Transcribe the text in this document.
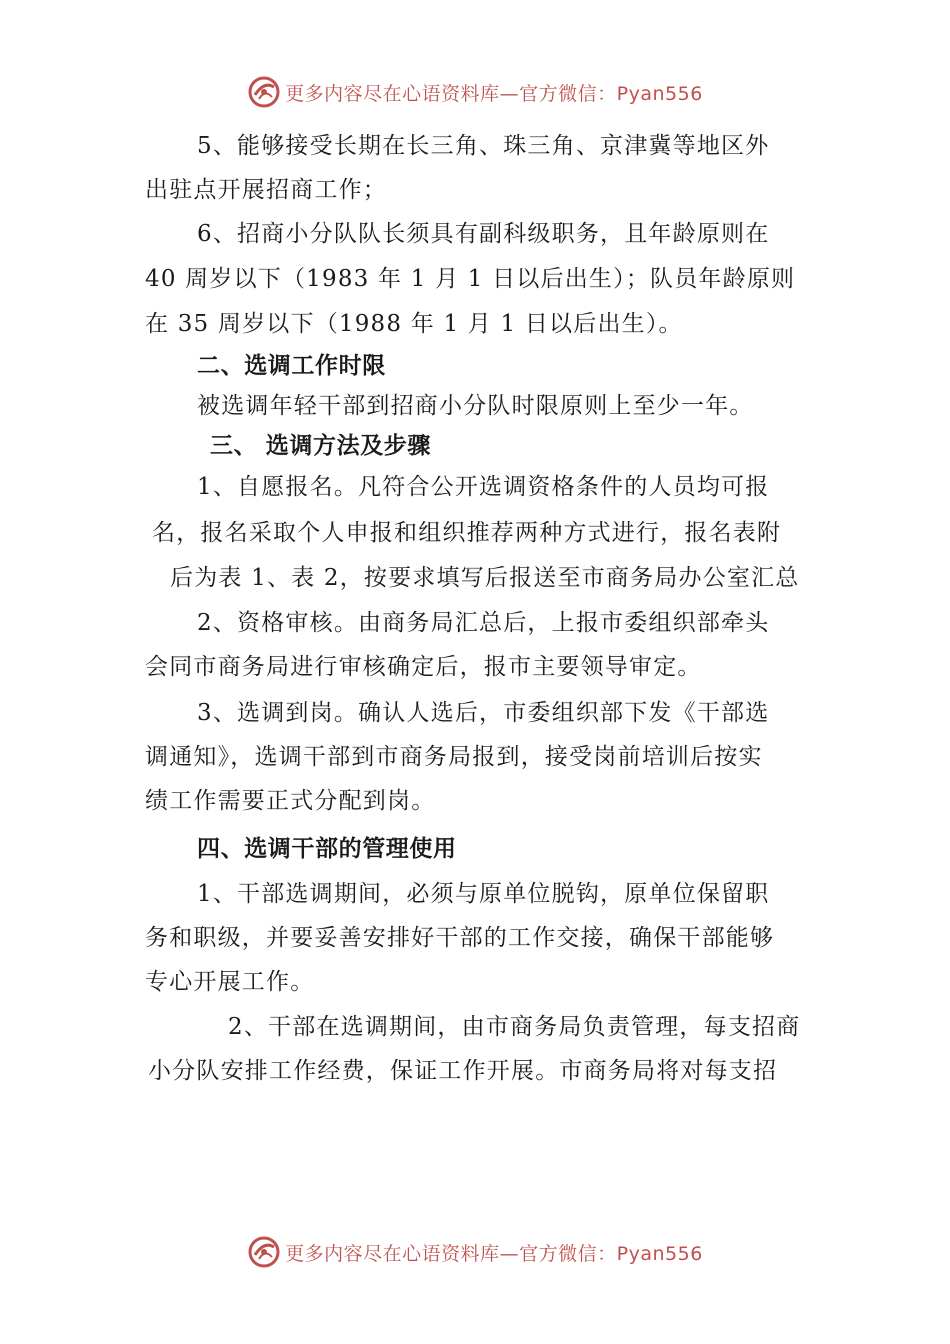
更多内容尽在心语资料库—官方微信：Pyan556
5、能够接受长期在长三角、珠三角、京津冀等地区外
出驻点开展招商工作；
6、招商小分队队长须具有副科级职务，且年龄原则在
40 周岁以下（1983 年 1 月 1 日以后出生）；队员年龄原则
在 35 周岁以下（1988 年 1 月 1 日以后出生）。
二、选调工作时限
被选调年轻干部到招商小分队时限原则上至少一年。
三、 选调方法及步骤
1、自愿报名。凡符合公开选调资格条件的人员均可报
名，报名采取个人申报和组织推荐两种方式进行，报名表附
后为表 1、表 2，按要求填写后报送至市商务局办公室汇总
2、资格审核。由商务局汇总后，上报市委组织部牵头
会同市商务局进行审核确定后，报市主要领导审定。
3、选调到岗。确认人选后，市委组织部下发《干部选
调通知》，选调干部到市商务局报到，接受岗前培训后按实
绩工作需要正式分配到岗。
四、选调干部的管理使用
1、干部选调期间，必须与原单位脱钩，原单位保留职
务和职级，并要妥善安排好干部的工作交接，确保干部能够
专心开展工作。
2、干部在选调期间，由市商务局负责管理，每支招商
小分队安排工作经费，保证工作开展。市商务局将对每支招
更多内容尽在心语资料库—官方微信：Pyan556
